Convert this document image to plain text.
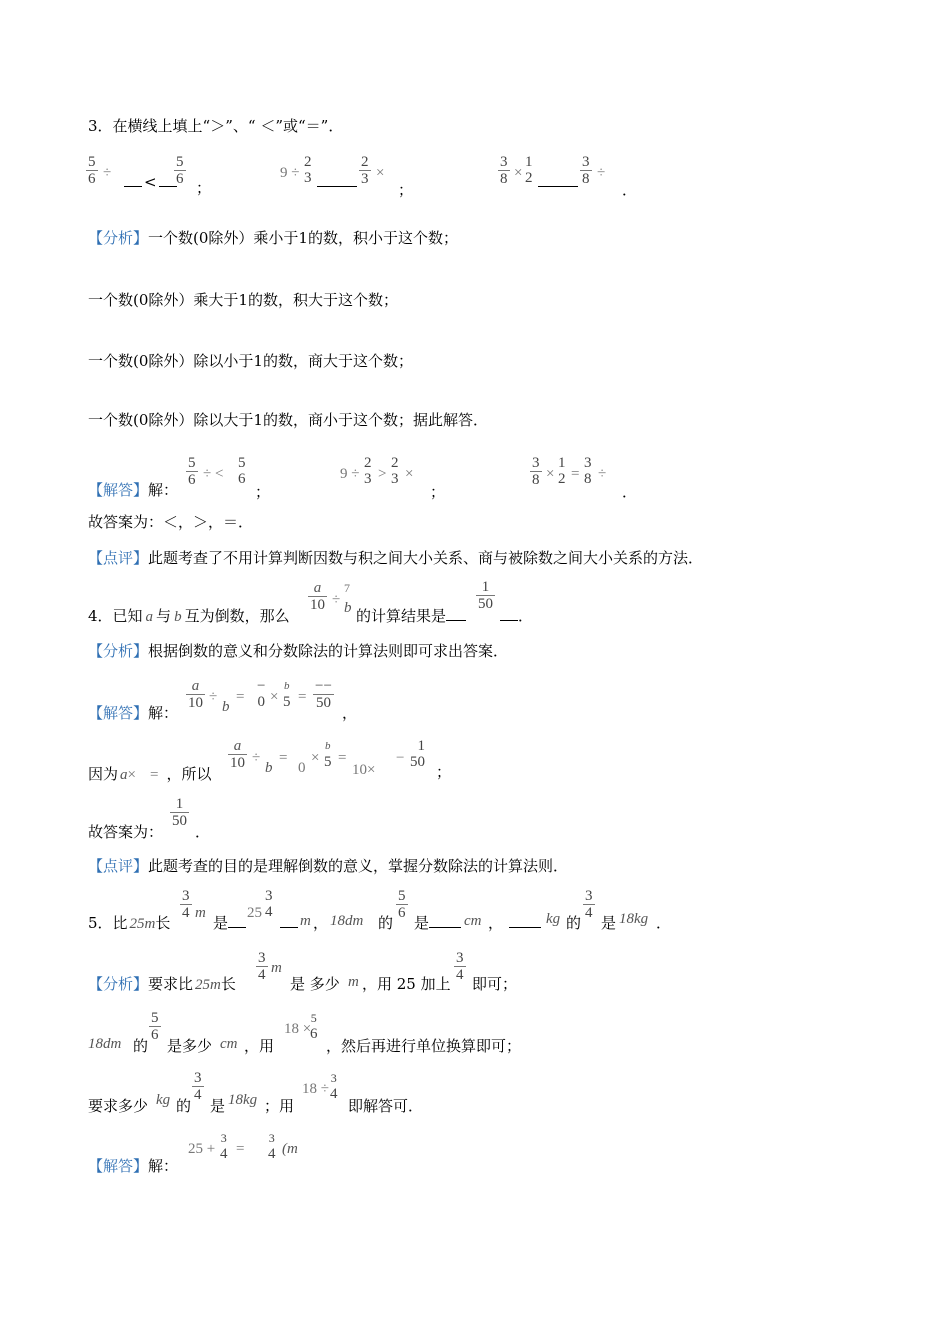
3．在横线上填上“＞”、“ ＜”或“＝”．
$\frac{5}{6}$ ÷	<	$\frac{5}{6}$
；
9 ÷
2
3	$\frac{2}{3}$ ×
；
$\frac{3}{8}$ ×
1
2	$\frac{3}{8}$ ÷
．
【分析】一个数(0除外）乘小于1的数，积小于这个数；
一个数(0除外）乘大于1的数，积大于这个数；
一个数(0除外）除以小于1的数，商大于这个数；
一个数(0除外）除以大于1的数，商小于这个数；据此解答．
【解答】解：
$\frac{5}{6}$ ÷ <
5
6
；
9 ÷
2
3 >
2
3 ×
；
$\frac{3}{8}$ ×
1
2 =
3
8 ÷
．
故答案为：＜，＞，＝．
【点评】此题考查了不用计算判断因数与积之间大小关系、商与被除数之间大小关系的方法．
4．已知 a 与 b 互为倒数，那么
$\frac{a}{10}$ ÷
7
b 的计算结果是
$\frac{1}{50}$
．
【分析】根据倒数的意义和分数除法的计算法则即可求出答案．
【解答】解：
$\frac{a}{10}$ ÷
b
=
−
0 ×
b
5 =
−−
50
，
因为 a× = ，所以
$\frac{a}{10}$ ÷
b
=
0
×
b
5 =
10×
−
1
50
；
故答案为：
$\frac{1}{50}$
．
【点评】此题考查的目的是理解倒数的意义，掌握分数除法的计算法则．
5．比 25m长
$\frac{3}{4}$ m
是
25
3
4
m ， 18dm 的
$\frac{5}{6}$
是	cm ，	kg 的
$\frac{3}{4}$
是 18kg ．
【分析】要求比 25m长
$\frac{3}{4}$ m
是 多少 m ，用 25 加上
$\frac{3}{4}$
即可；
18dm 的
$\frac{5}{6}$
是多少 cm ，用
18 ×
5
6
，然后再进行单位换算即可；
要求多少 kg 的
$\frac{3}{4}$
是 18kg ；用
18 ÷
3
4
即解答可．
【解答】解：
25 +
3
4 =
3
4 (m
